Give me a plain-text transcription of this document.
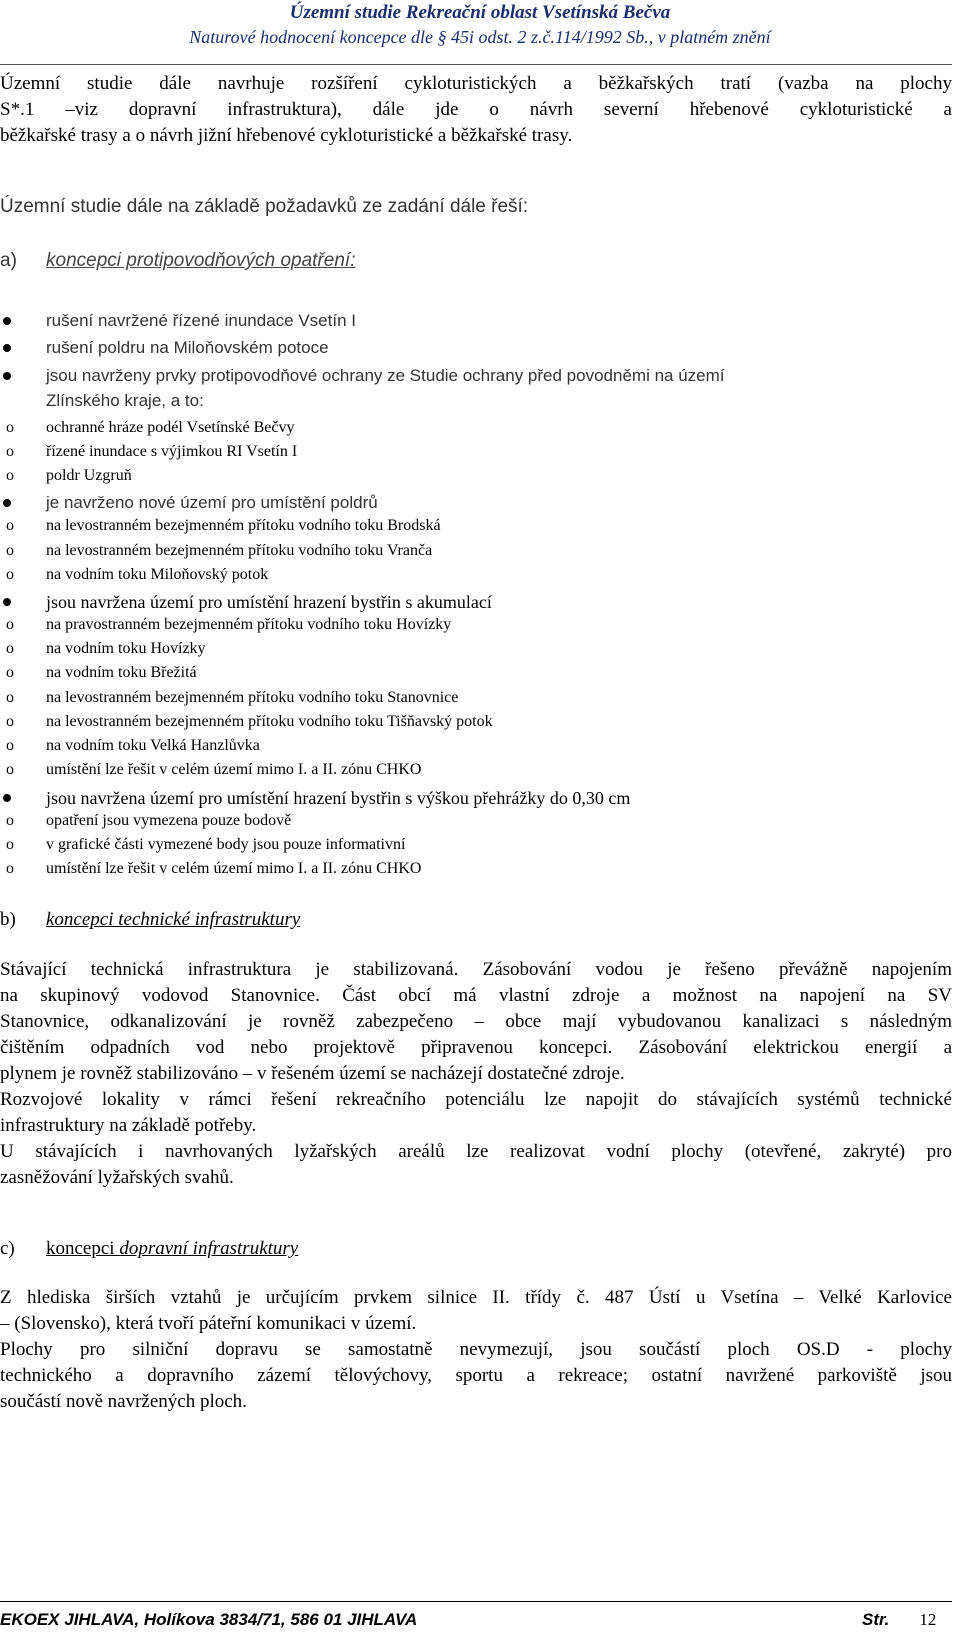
Územní studie Rekreační oblast Vsetínská Bečva
Naturové hodnocení koncepce dle § 45i odst. 2 z.č.114/1992 Sb., v platném znění
Územní studie dále navrhuje rozšíření cykloturistických a běžkařských tratí (vazba na plochy
S*.1 –viz dopravní infrastruktura), dále jde o návrh severní hřebenové cykloturistické a
běžkařské trasy a o návrh jižní hřebenové cykloturistické a běžkařské trasy.
Územní studie dále na základě požadavků ze zadání dále řeší:
a) koncepci protipovodňových opatření:
rušení navržené řízené inundace Vsetín I
rušení poldru na Miloňovském potoce
jsou navrženy prvky protipovodňové ochrany ze Studie ochrany před povodněmi na území
Zlínského kraje, a to:
o ochranné hráze podél Vsetínské Bečvy
o řízené inundace s výjimkou RI Vsetín I
o poldr Uzgruň
je navrženo nové území pro umístění poldrů
o na levostranném bezejmenném přítoku vodního toku Brodská
o na levostranném bezejmenném přítoku vodního toku Vranča
o na vodním toku Miloňovský potok
jsou navržena území pro umístění hrazení bystřin s akumulací
o na pravostranném bezejmenném přítoku vodního toku Hovízky
o na vodním toku Hovízky
o na vodním toku Břežitá
o na levostranném bezejmenném přítoku vodního toku Stanovnice
o na levostranném bezejmenném přítoku vodního toku Tišňavský potok
o na vodním toku Velká Hanzlůvka
o umístění lze řešit v celém území mimo I. a II. zónu CHKO
jsou navržena území pro umístění hrazení bystřin s výškou přehrážky do 0,30 cm
o opatření jsou vymezena pouze bodově
o v grafické části vymezené body jsou pouze informativní
o umístění lze řešit v celém území mimo I. a II. zónu CHKO
b) koncepci technické infrastruktury
Stávající technická infrastruktura je stabilizovaná. Zásobování vodou je řešeno převážně napojením
na skupinový vodovod Stanovnice. Část obcí má vlastní zdroje a možnost na napojení na SV
Stanovnice, odkanalizování je rovněž zabezpečeno – obce mají vybudovanou kanalizaci s následným
čištěním odpadních vod nebo projektově připravenou koncepci. Zásobování elektrickou energií a
plynem je rovněž stabilizováno – v řešeném území se nacházejí dostatečné zdroje.
Rozvojové lokality v rámci řešení rekreačního potenciálu lze napojit do stávajících systémů technické
infrastruktury na základě potřeby.
U stávajících i navrhovaných lyžařských areálů lze realizovat vodní plochy (otevřené, zakryté) pro
zasněžování lyžařských svahů.
c) koncepci dopravní infrastruktury
Z hlediska širších vztahů je určujícím prvkem silnice II. třídy č. 487 Ústí u Vsetína – Velké Karlovice
– (Slovensko), která tvoří páteřní komunikaci v území.
Plochy pro silniční dopravu se samostatně nevymezují, jsou součástí ploch OS.D - plochy
technického a dopravního zázemí tělovýchovy, sportu a rekreace; ostatní navržené parkoviště jsou
součástí nově navržených ploch.
EKOEX JIHLAVA, Holíkova 3834/71, 586 01 JIHLAVA	Str. 12
